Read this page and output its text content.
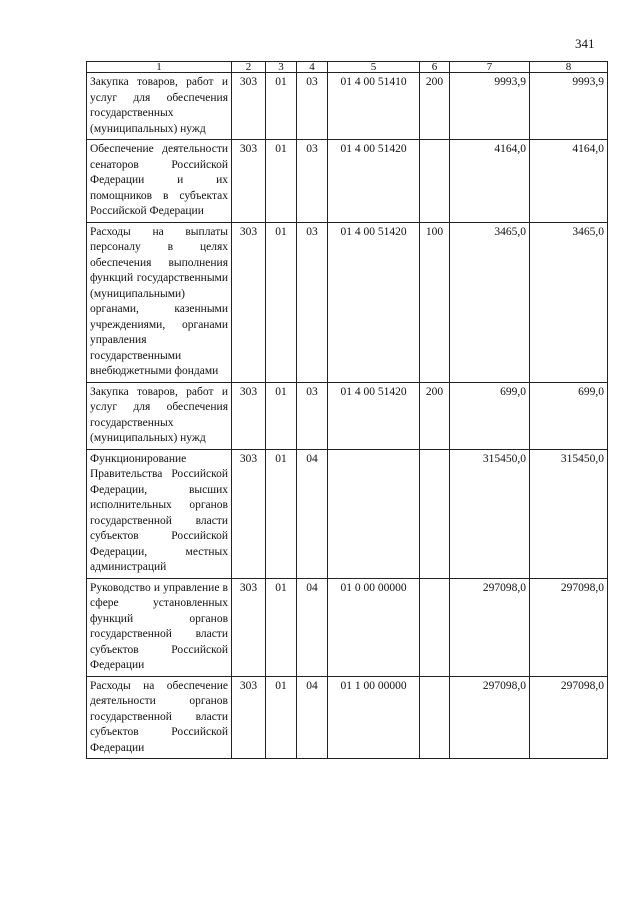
341
1	2	3	4	5	6	7	8
Закупка товаров, работ и услуг для обеспечения государственных (муниципальных) нужд	303	01	03	01 4 00 51410	200	9993,9	9993,9
Обеспечение деятельности сенаторов Российской Федерации и их помощников в субъектах Российской Федерации	303	01	03	01 4 00 51420		4164,0	4164,0
Расходы на выплаты персоналу в целях обеспечения выполнения функций государственными (муниципальными) органами, казенными учреждениями, органами управления государственными внебюджетными фондами	303	01	03	01 4 00 51420	100	3465,0	3465,0
Закупка товаров, работ и услуг для обеспечения государственных (муниципальных) нужд	303	01	03	01 4 00 51420	200	699,0	699,0
Функционирование Правительства Российской Федерации, высших исполнительных органов государственной власти субъектов Российской Федерации, местных администраций	303	01	04			315450,0	315450,0
Руководство и управление в сфере установленных функций органов государственной власти субъектов Российской Федерации	303	01	04	01 0 00 00000		297098,0	297098,0
Расходы на обеспечение деятельности органов государственной власти субъектов Российской Федерации	303	01	04	01 1 00 00000		297098,0	297098,0
